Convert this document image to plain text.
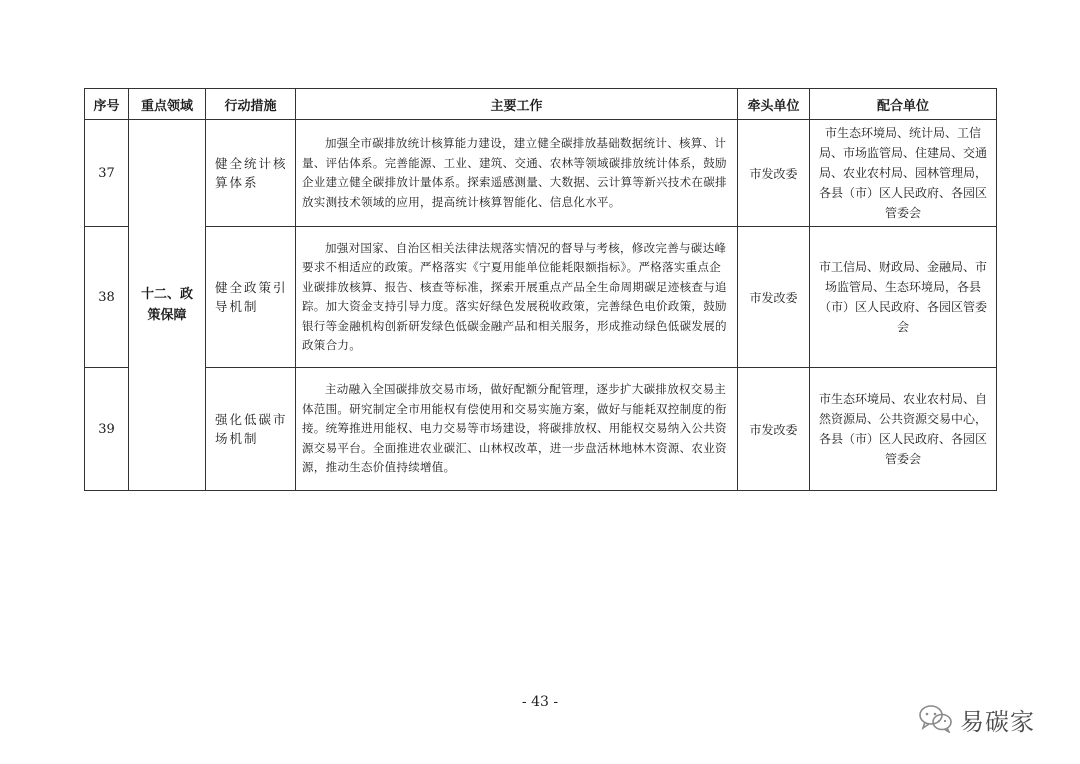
序号	重点领域	行动措施	主要工作	牵头单位	配合单位
37	十二、政策保障	健全统计核算体系	加强全市碳排放统计核算能力建设，建立健全碳排放基础数据统计、核算、计量、评估体系。完善能源、工业、建筑、交通、农林等领域碳排放统计体系，鼓励企业建立健全碳排放计量体系。探索遥感测量、大数据、云计算等新兴技术在碳排放实测技术领域的应用，提高统计核算智能化、信息化水平。	市发改委	市生态环境局、统计局、工信局、市场监管局、住建局、交通局、农业农村局、园林管理局，各县（市）区人民政府、各园区管委会
38		健全政策引导机制	加强对国家、自治区相关法律法规落实情况的督导与考核，修改完善与碳达峰要求不相适应的政策。严格落实《宁夏用能单位能耗限额指标》。严格落实重点企业碳排放核算、报告、核查等标准，探索开展重点产品全生命周期碳足迹核查与追踪。加大资金支持引导力度。落实好绿色发展税收政策，完善绿色电价政策，鼓励银行等金融机构创新研发绿色低碳金融产品和相关服务，形成推动绿色低碳发展的政策合力。	市发改委	市工信局、财政局、金融局、市场监管局、生态环境局，各县（市）区人民政府、各园区管委会
39		强化低碳市场机制	主动融入全国碳排放交易市场，做好配额分配管理，逐步扩大碳排放权交易主体范围。研究制定全市用能权有偿使用和交易实施方案，做好与能耗双控制度的衔接。统筹推进用能权、电力交易等市场建设，将碳排放权、用能权交易纳入公共资源交易平台。全面推进农业碳汇、山林权改革，进一步盘活林地林木资源、农业资源，推动生态价值持续增值。	市发改委	市生态环境局、农业农村局、自然资源局、公共资源交易中心，各县（市）区人民政府、各园区管委会
- 43 -
易碳家
